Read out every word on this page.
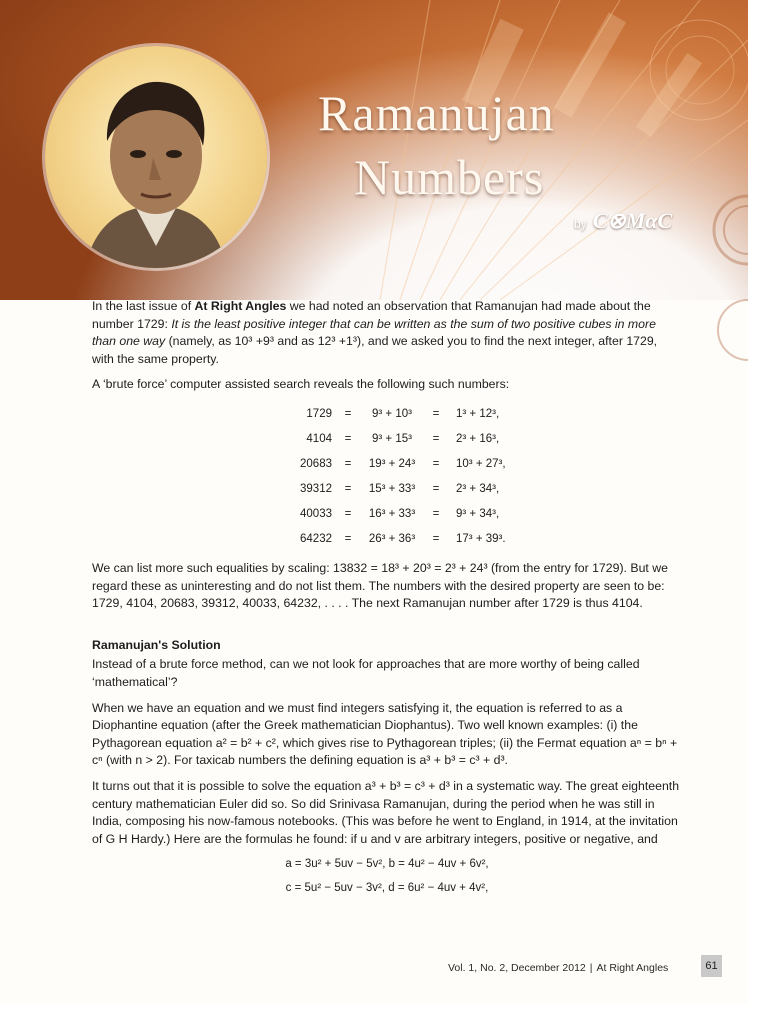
Ramanujan
Numbers
by C⊗MαC

In the last issue of At Right Angles we had noted an observation that Ramanujan had made about the number 1729: It is the least positive integer that can be written as the sum of two positive cubes in more than one way (namely, as 10³ +9³ and as 12³ +1³), and we asked you to find the next integer, after 1729, with the same property.

A ‘brute force’ computer assisted search reveals the following such numbers:

1729	=	9³ + 10³	=	1³ + 12³,
4104	=	9³ + 15³	=	2³ + 16³,
20683	=	19³ + 24³	=	10³ + 27³,
39312	=	15³ + 33³	=	2³ + 34³,
40033	=	16³ + 33³	=	9³ + 34³,
64232	=	26³ + 36³	=	17³ + 39³.

We can list more such equalities by scaling: 13832 = 18³ + 20³ = 2³ + 24³ (from the entry for 1729). But we regard these as uninteresting and do not list them. The numbers with the desired property are seen to be: 1729, 4104, 20683, 39312, 40033, 64232, . . . . The next Ramanujan number after 1729 is thus 4104.

Ramanujan's Solution

Instead of a brute force method, can we not look for approaches that are more worthy of being called ‘mathematical’?

When we have an equation and we must find integers satisfying it, the equation is referred to as a Diophantine equation (after the Greek mathematician Diophantus). Two well known examples: (i) the Pythagorean equation a² = b² + c², which gives rise to Pythagorean triples; (ii) the Fermat equation aⁿ = bⁿ + cⁿ (with n > 2). For taxicab numbers the defining equation is a³ + b³ = c³ + d³.

It turns out that it is possible to solve the equation a³ + b³ = c³ + d³ in a systematic way. The great eighteenth century mathematician Euler did so. So did Srinivasa Ramanujan, during the period when he was still in India, composing his now-famous notebooks. (This was before he went to England, in 1914, at the invitation of G H Hardy.) Here are the formulas he found: if u and v are arbitrary integers, positive or negative, and

a = 3u² + 5uv − 5v², b = 4u² − 4uv + 6v²,
c = 5u² − 5uv − 3v², d = 6u² − 4uv + 4v²,
Vol. 1, No. 2, December 2012 | At Right Angles	61
